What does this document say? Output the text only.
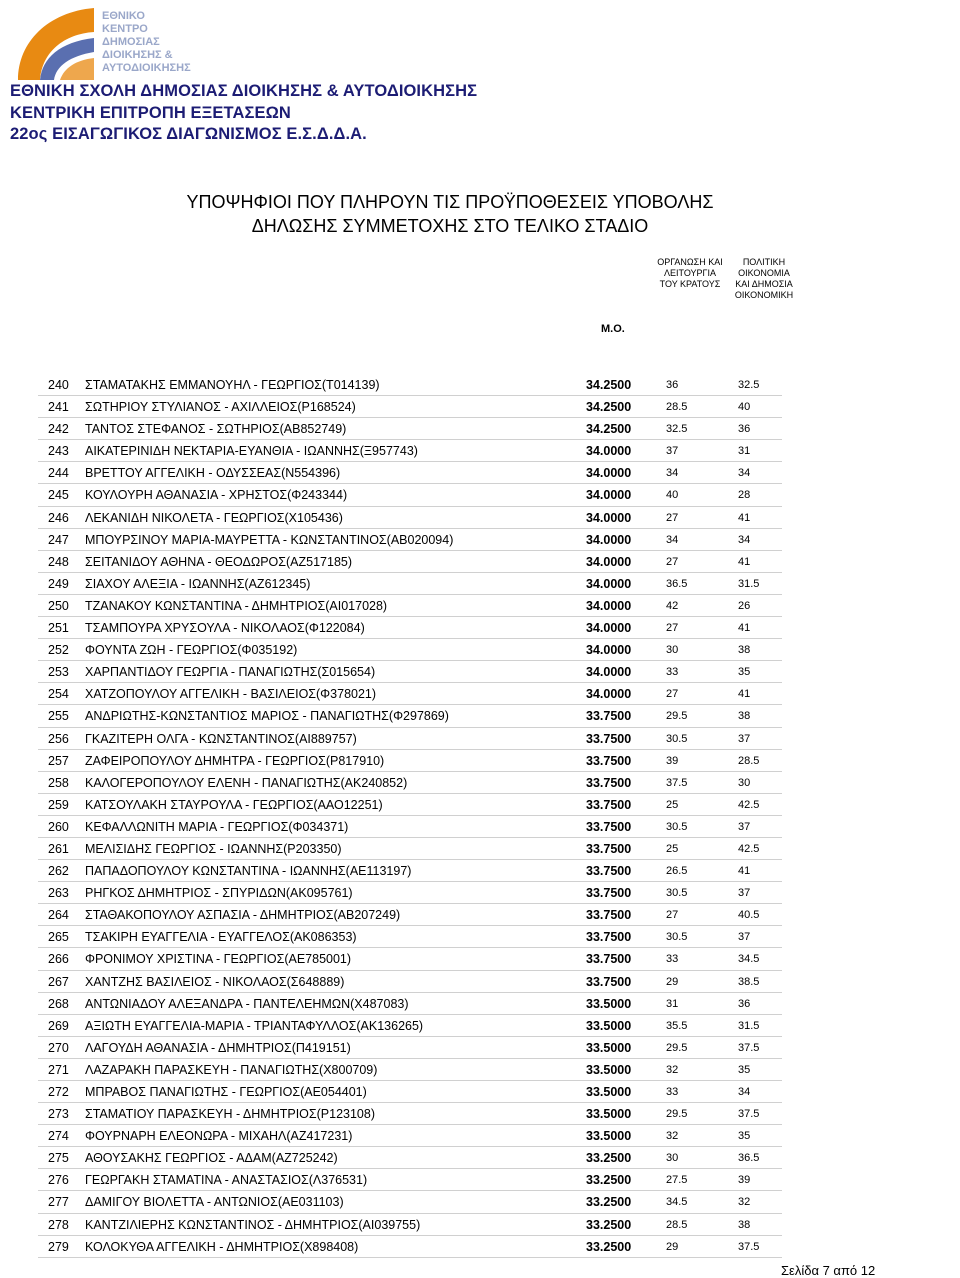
ΕΘΝΙΚΟ
ΚΕΝΤΡΟ
ΔΗΜΟΣΙΑΣ
ΔΙΟΙΚΗΣΗΣ &
ΑΥΤΟΔΙΟΙΚΗΣΗΣ
ΕΘΝΙΚΗ ΣΧΟΛΗ ΔΗΜΟΣΙΑΣ ΔΙΟΙΚΗΣΗΣ & ΑΥΤΟΔΙΟΙΚΗΣΗΣ
ΚΕΝΤΡΙΚΗ ΕΠΙΤΡΟΠΗ ΕΞΕΤΑΣΕΩΝ
22ος ΕΙΣΑΓΩΓΙΚΟΣ ΔΙΑΓΩΝΙΣΜΟΣ Ε.Σ.Δ.Δ.Α.
ΥΠΟΨΗΦΙΟΙ ΠΟΥ ΠΛΗΡΟΥΝ ΤΙΣ ΠΡΟΫΠΟΘΕΣΕΙΣ ΥΠΟΒΟΛΗΣ
ΔΗΛΩΣΗΣ ΣΥΜΜΕΤΟΧΗΣ ΣΤΟ ΤΕΛΙΚΟ ΣΤΑΔΙΟ
ΟΡΓΑΝΩΣΗ ΚΑΙ
ΛΕΙΤΟΥΡΓΙΑ
ΤΟΥ ΚΡΑΤΟΥΣ
ΠΟΛΙΤΙΚΗ
ΟΙΚΟΝΟΜΙΑ
ΚΑΙ ΔΗΜΟΣΙΑ
ΟΙΚΟΝΟΜΙΚΗ
Μ.Ο.
240 ΣΤΑΜΑΤΑΚΗΣ ΕΜΜΑΝΟΥΗΛ - ΓΕΩΡΓΙΟΣ(Τ014139)	34.2500	36	32.5
241 ΣΩΤΗΡΙΟΥ ΣΤΥΛΙΑΝΟΣ - ΑΧΙΛΛΕΙΟΣ(Ρ168524)	34.2500	28.5	40
242 ΤΑΝΤΟΣ ΣΤΕΦΑΝΟΣ - ΣΩΤΗΡΙΟΣ(ΑΒ852749)	34.2500	32.5	36
243 ΑΙΚΑΤΕΡΙΝΙΔΗ ΝΕΚΤΑΡΙΑ-ΕΥΑΝΘΙΑ - ΙΩΑΝΝΗΣ(Ξ957743)	34.0000	37	31
244 ΒΡΕΤΤΟΥ ΑΓΓΕΛΙΚΗ - ΟΔΥΣΣΕΑΣ(Ν554396)	34.0000	34	34
245 ΚΟΥΛΟΥΡΗ ΑΘΑΝΑΣΙΑ - ΧΡΗΣΤΟΣ(Φ243344)	34.0000	40	28
246 ΛΕΚΑΝΙΔΗ ΝΙΚΟΛΕΤΑ - ΓΕΩΡΓΙΟΣ(Χ105436)	34.0000	27	41
247 ΜΠΟΥΡΣΙΝΟΥ ΜΑΡΙΑ-ΜΑΥΡΕΤΤΑ - ΚΩΝΣΤΑΝΤΙΝΟΣ(ΑΒ020094)	34.0000	34	34
248 ΣΕΙΤΑΝΙΔΟΥ ΑΘΗΝΑ - ΘΕΟΔΩΡΟΣ(ΑΖ517185)	34.0000	27	41
249 ΣΙΑΧΟΥ ΑΛΕΞΙΑ - ΙΩΑΝΝΗΣ(ΑΖ612345)	34.0000	36.5	31.5
250 ΤΖΑΝΑΚΟΥ ΚΩΝΣΤΑΝΤΙΝΑ - ΔΗΜΗΤΡΙΟΣ(ΑΙ017028)	34.0000	42	26
251 ΤΣΑΜΠΟΥΡΑ ΧΡΥΣΟΥΛΑ - ΝΙΚΟΛΑΟΣ(Φ122084)	34.0000	27	41
252 ΦΟΥΝΤΑ ΖΩΗ - ΓΕΩΡΓΙΟΣ(Φ035192)	34.0000	30	38
253 ΧΑΡΠΑΝΤΙΔΟΥ ΓΕΩΡΓΙΑ - ΠΑΝΑΓΙΩΤΗΣ(Σ015654)	34.0000	33	35
254 ΧΑΤΖΟΠΟΥΛΟΥ ΑΓΓΕΛΙΚΗ - ΒΑΣΙΛΕΙΟΣ(Φ378021)	34.0000	27	41
255 ΑΝΔΡΙΩΤΗΣ-ΚΩΝΣΤΑΝΤΙΟΣ ΜΑΡΙΟΣ - ΠΑΝΑΓΙΩΤΗΣ(Φ297869)	33.7500	29.5	38
256 ΓΚΑΖΙΤΕΡΗ ΟΛΓΑ - ΚΩΝΣΤΑΝΤΙΝΟΣ(ΑΙ889757)	33.7500	30.5	37
257 ΖΑΦΕΙΡΟΠΟΥΛΟΥ ΔΗΜΗΤΡΑ - ΓΕΩΡΓΙΟΣ(Ρ817910)	33.7500	39	28.5
258 ΚΑΛΟΓΕΡΟΠΟΥΛΟΥ ΕΛΕΝΗ - ΠΑΝΑΓΙΩΤΗΣ(ΑΚ240852)	33.7500	37.5	30
259 ΚΑΤΣΟΥΛΑΚΗ ΣΤΑΥΡΟΥΛΑ - ΓΕΩΡΓΙΟΣ(ΑΑΟ12251)	33.7500	25	42.5
260 ΚΕΦΑΛΛΩΝΙΤΗ ΜΑΡΙΑ - ΓΕΩΡΓΙΟΣ(Φ034371)	33.7500	30.5	37
261 ΜΕΛΙΣΙΔΗΣ ΓΕΩΡΓΙΟΣ - ΙΩΑΝΝΗΣ(Ρ203350)	33.7500	25	42.5
262 ΠΑΠΑΔΟΠΟΥΛΟΥ ΚΩΝΣΤΑΝΤΙΝΑ - ΙΩΑΝΝΗΣ(ΑΕ113197)	33.7500	26.5	41
263 ΡΗΓΚΟΣ ΔΗΜΗΤΡΙΟΣ - ΣΠΥΡΙΔΩΝ(ΑΚ095761)	33.7500	30.5	37
264 ΣΤΑΘΑΚΟΠΟΥΛΟΥ ΑΣΠΑΣΙΑ - ΔΗΜΗΤΡΙΟΣ(ΑΒ207249)	33.7500	27	40.5
265 ΤΣΑΚΙΡΗ ΕΥΑΓΓΕΛΙΑ - ΕΥΑΓΓΕΛΟΣ(ΑΚ086353)	33.7500	30.5	37
266 ΦΡΟΝΙΜΟΥ ΧΡΙΣΤΙΝΑ - ΓΕΩΡΓΙΟΣ(ΑΕ785001)	33.7500	33	34.5
267 ΧΑΝΤΖΗΣ ΒΑΣΙΛΕΙΟΣ - ΝΙΚΟΛΑΟΣ(Σ648889)	33.7500	29	38.5
268 ΑΝΤΩΝΙΑΔΟΥ ΑΛΕΞΑΝΔΡΑ - ΠΑΝΤΕΛΕΗΜΩΝ(Χ487083)	33.5000	31	36
269 ΑΞΙΩΤΗ ΕΥΑΓΓΕΛΙΑ-ΜΑΡΙΑ - ΤΡΙΑΝΤΑΦΥΛΛΟΣ(ΑΚ136265)	33.5000	35.5	31.5
270 ΛΑΓΟΥΔΗ ΑΘΑΝΑΣΙΑ - ΔΗΜΗΤΡΙΟΣ(Π419151)	33.5000	29.5	37.5
271 ΛΑΖΑΡΑΚΗ ΠΑΡΑΣΚΕΥΗ - ΠΑΝΑΓΙΩΤΗΣ(Χ800709)	33.5000	32	35
272 ΜΠΡΑΒΟΣ ΠΑΝΑΓΙΩΤΗΣ - ΓΕΩΡΓΙΟΣ(ΑΕ054401)	33.5000	33	34
273 ΣΤΑΜΑΤΙΟΥ ΠΑΡΑΣΚΕΥΗ - ΔΗΜΗΤΡΙΟΣ(Ρ123108)	33.5000	29.5	37.5
274 ΦΟΥΡΝΑΡΗ ΕΛΕΟΝΩΡΑ - ΜΙΧΑΗΛ(ΑΖ417231)	33.5000	32	35
275 ΑΘΟΥΣΑΚΗΣ ΓΕΩΡΓΙΟΣ - ΑΔΑΜ(ΑΖ725242)	33.2500	30	36.5
276 ΓΕΩΡΓΑΚΗ ΣΤΑΜΑΤΙΝΑ - ΑΝΑΣΤΑΣΙΟΣ(Λ376531)	33.2500	27.5	39
277 ΔΑΜΙΓΟΥ ΒΙΟΛΕΤΤΑ - ΑΝΤΩΝΙΟΣ(ΑΕ031103)	33.2500	34.5	32
278 ΚΑΝΤΖΙΛΙΕΡΗΣ ΚΩΝΣΤΑΝΤΙΝΟΣ - ΔΗΜΗΤΡΙΟΣ(ΑΙ039755)	33.2500	28.5	38
279 ΚΟΛΟΚΥΘΑ ΑΓΓΕΛΙΚΗ - ΔΗΜΗΤΡΙΟΣ(Χ898408)	33.2500	29	37.5
Σελίδα 7 από 12
